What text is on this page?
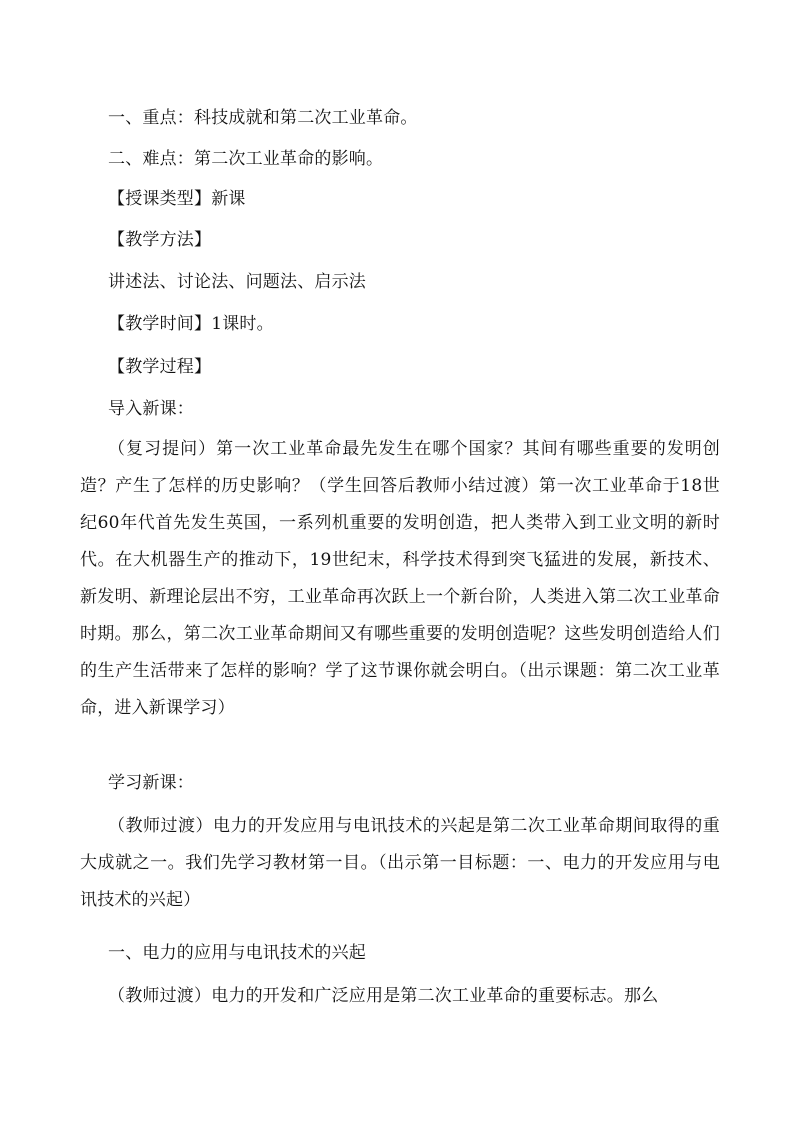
一、重点：科技成就和第二次工业革命。
二、难点：第二次工业革命的影响。
【授课类型】新课
【教学方法】
讲述法、讨论法、问题法、启示法
【教学时间】1课时。
【教学过程】
导入新课：
（复习提问）第一次工业革命最先发生在哪个国家？其间有哪些重要的发明创造？产生了怎样的历史影响？（学生回答后教师小结过渡）第一次工业革命于18世纪60年代首先发生英国，一系列机重要的发明创造，把人类带入到工业文明的新时代。在大机器生产的推动下，19世纪末，科学技术得到突飞猛进的发展，新技术、新发明、新理论层出不穷，工业革命再次跃上一个新台阶，人类进入第二次工业革命时期。那么，第二次工业革命期间又有哪些重要的发明创造呢？这些发明创造给人们的生产生活带来了怎样的影响？学了这节课你就会明白。（出示课题：第二次工业革命，进入新课学习）
学习新课：
（教师过渡）电力的开发应用与电讯技术的兴起是第二次工业革命期间取得的重大成就之一。我们先学习教材第一目。（出示第一目标题：一、电力的开发应用与电讯技术的兴起）
一、电力的应用与电讯技术的兴起
（教师过渡）电力的开发和广泛应用是第二次工业革命的重要标志。那么
